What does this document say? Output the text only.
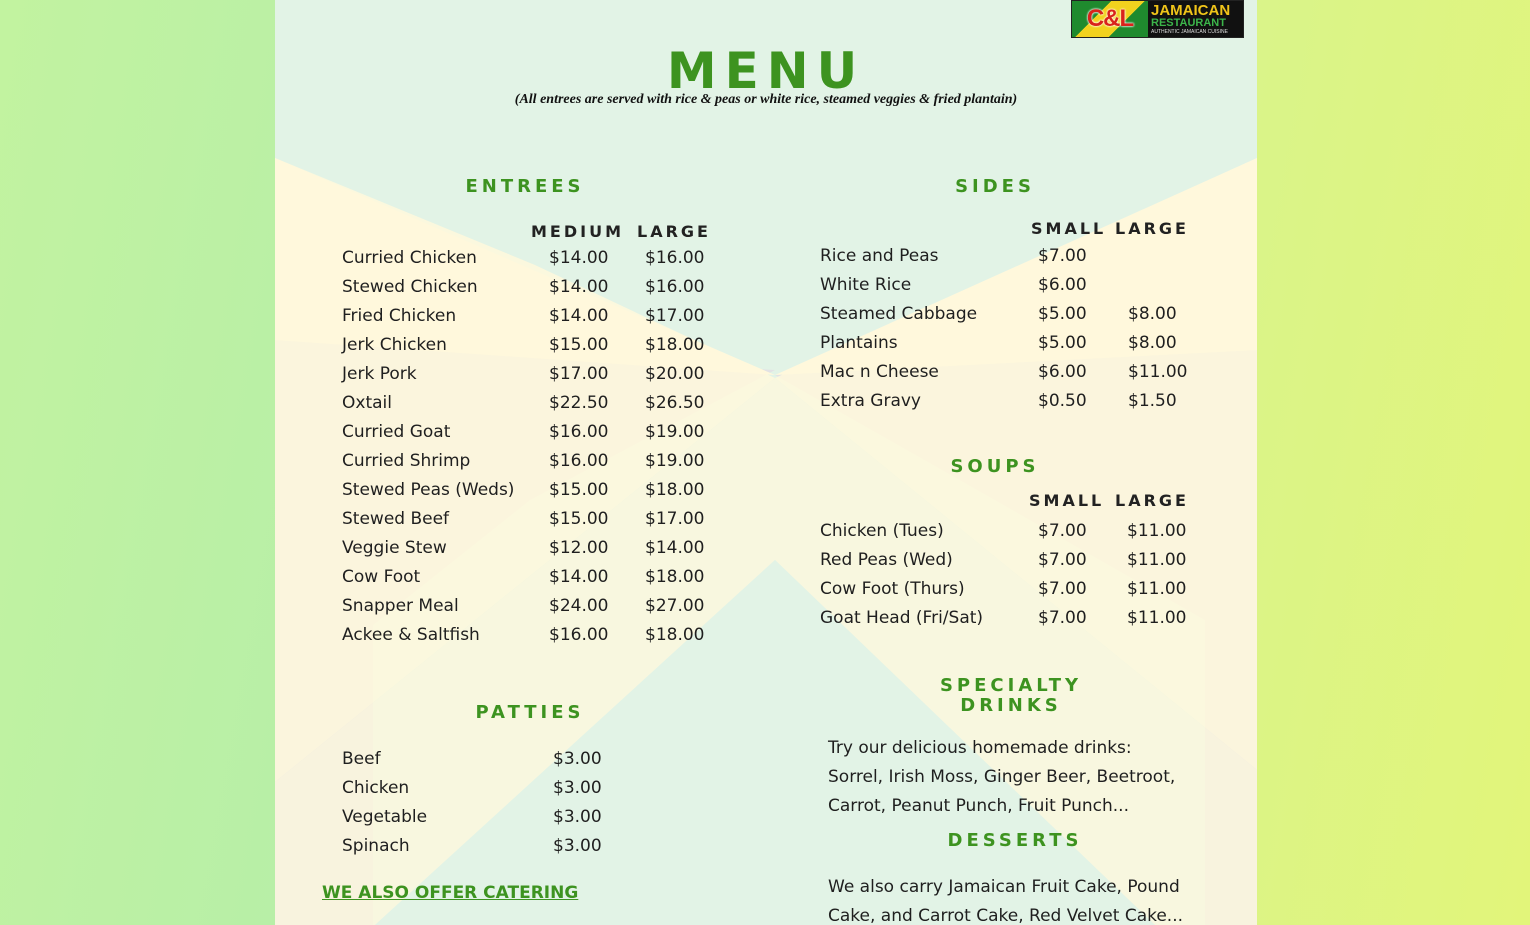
C&L	JAMAICAN
RESTAURANT
AUTHENTIC JAMAICAN CUISINE
MENU
(All entrees are served with rice & peas or white rice, steamed veggies & fried plantain)
ENTREES
MEDIUM LARGE
Curried Chicken	$14.00 $16.00
Stewed Chicken	$14.00 $16.00
Fried Chicken	$14.00 $17.00
Jerk Chicken	$15.00 $18.00
Jerk Pork	$17.00 $20.00
Oxtail	$22.50 $26.50
Curried Goat	$16.00 $19.00
Curried Shrimp	$16.00 $19.00
Stewed Peas (Weds) $15.00 $18.00
Stewed Beef	$15.00 $17.00
Veggie Stew	$12.00 $14.00
Cow Foot	$14.00 $18.00
Snapper Meal	$24.00 $27.00
Ackee & Saltfish	$16.00 $18.00
PATTIES
Beef	$3.00
Chicken	$3.00
Vegetable	$3.00
Spinach	$3.00
WE ALSO OFFER CATERING
SIDES
SMALL LARGE
Rice and Peas	$7.00
White Rice	$6.00
Steamed Cabbage	$5.00 $8.00
Plantains	$5.00 $8.00
Mac n Cheese	$6.00 $11.00
Extra Gravy	$0.50 $1.50
SOUPS
SMALL LARGE
Chicken (Tues)	$7.00 $11.00
Red Peas (Wed)	$7.00 $11.00
Cow Foot (Thurs)	$7.00 $11.00
Goat Head (Fri/Sat)	$7.00 $11.00
SPECIALTY
DRINKS
Try our delicious homemade drinks:
Sorrel, Irish Moss, Ginger Beer, Beetroot,
Carrot, Peanut Punch, Fruit Punch...
DESSERTS
We also carry Jamaican Fruit Cake, Pound
Cake, and Carrot Cake, Red Velvet Cake...
